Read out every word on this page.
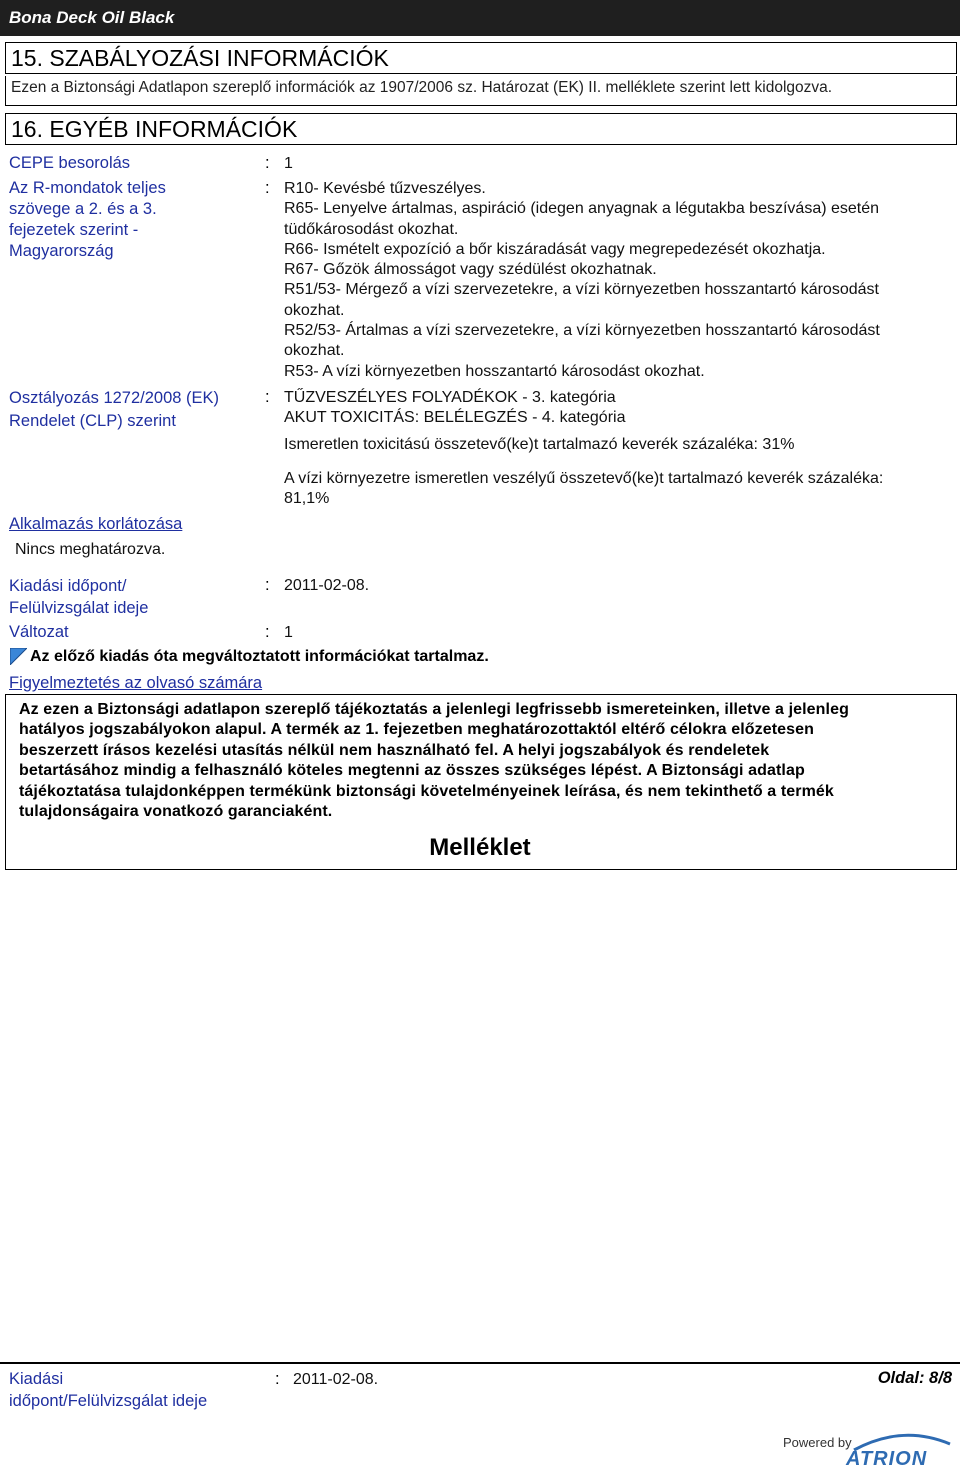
Bona Deck Oil Black
15. SZABÁLYOZÁSI INFORMÁCIÓK
Ezen a Biztonsági Adatlapon szereplő információk az 1907/2006 sz. Határozat (EK) II. melléklete szerint lett kidolgozva.
16. EGYÉB INFORMÁCIÓK
CEPE besorolás	: 1
Az R-mondatok teljes
szövege a 2. és a 3.
fejezetek szerint -
Magyarország
: R10- Kevésbé tűzveszélyes.
R65- Lenyelve ártalmas, aspiráció (idegen anyagnak a légutakba beszívása) esetén
tüdőkárosodást okozhat.
R66- Ismételt expozíció a bőr kiszáradását vagy megrepedezését okozhatja.
R67- Gőzök álmosságot vagy szédülést okozhatnak.
R51/53- Mérgező a vízi szervezetekre, a vízi környezetben hosszantartó károsodást
okozhat.
R52/53- Ártalmas a vízi szervezetekre, a vízi környezetben hosszantartó károsodást
okozhat.
R53- A vízi környezetben hosszantartó károsodást okozhat.
Osztályozás 1272/2008 (EK)
Rendelet (CLP) szerint
: TŰZVESZÉLYES FOLYADÉKOK - 3. kategória
AKUT TOXICITÁS: BELÉLEGZÉS - 4. kategória
Ismeretlen toxicitású összetevő(ke)t tartalmazó keverék százaléka: 31%
A vízi környezetre ismeretlen veszélyű összetevő(ke)t tartalmazó keverék százaléka:
81,1%
Alkalmazás korlátozása
Nincs meghatározva.
Kiadási időpont/
Felülvizsgálat ideje
: 2011-02-08.
Változat	: 1
Az előző kiadás óta megváltoztatott információkat tartalmaz.
Figyelmeztetés az olvasó számára
Az ezen a Biztonsági adatlapon szereplő tájékoztatás a jelenlegi legfrissebb ismereteinken, illetve a jelenleg
hatályos jogszabályokon alapul. A termék az 1. fejezetben meghatározottaktól eltérő célokra előzetesen
beszerzett írásos kezelési utasítás nélkül nem használható fel. A helyi jogszabályok és rendeletek
betartásához mindig a felhasználó köteles megtenni az összes szükséges lépést. A Biztonsági adatlap
tájékoztatása tulajdonképpen termékünk biztonsági követelményeinek leírása, és nem tekinthető a termék
tulajdonságaira vonatkozó garanciaként.
Melléklet
Kiadási
időpont/Felülvizsgálat ideje
: 2011-02-08.	Oldal: 8/8
Powered by
ATRION
